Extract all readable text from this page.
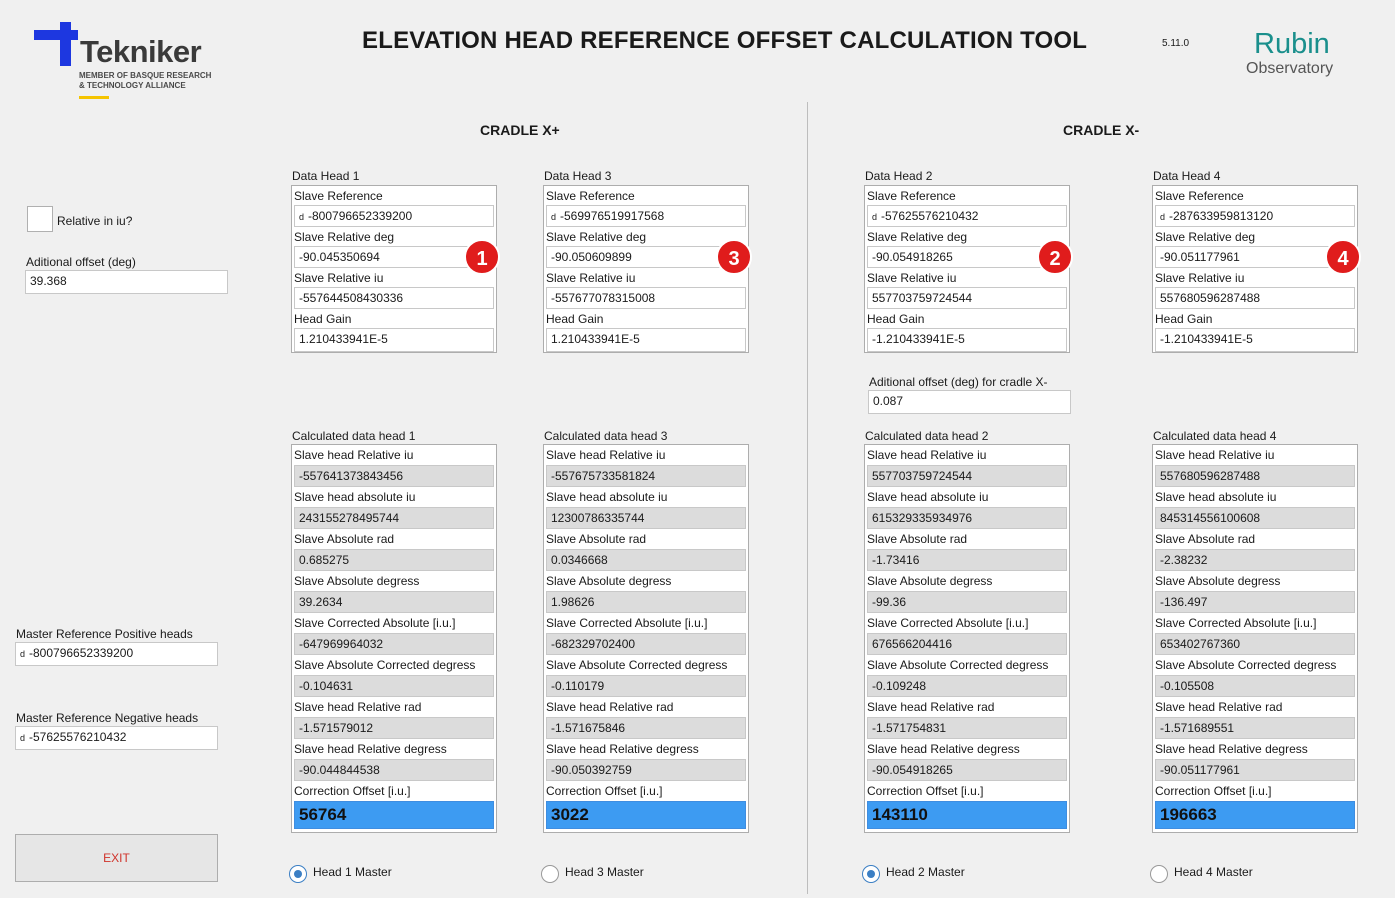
Tekniker
MEMBER OF BASQUE RESEARCH
& TECHNOLOGY ALLIANCE
ELEVATION HEAD REFERENCE OFFSET CALCULATION TOOL	5.11.0 Rubin
Observatory
Relative in iu?
Aditional offset (deg)
39.368
Master Reference Positive heads
d -800796652339200
Master Reference Negative heads
d -57625576210432
EXIT
CRADLE X+	CRADLE X-
Aditional offset (deg) for cradle X-
0.087
Data Head 1
Slave Reference
d -800796652339200
Slave Relative deg
-90.045350694
Slave Relative iu
-557644508430336
Head Gain
1.210433941E-5
1
Calculated data head 1
Slave head Relative iu
-557641373843456
Slave head absolute iu
243155278495744
Slave Absolute rad
0.685275
Slave Absolute degress
39.2634
Slave Corrected Absolute [i.u.]
-647969964032
Slave Absolute Corrected degress
-0.104631
Slave head Relative rad
-1.571579012
Slave head Relative degress
-90.044844538
Correction Offset [i.u.]
56764
Head 1 Master
Data Head 3
Slave Reference
d -569976519917568
Slave Relative deg
-90.050609899
Slave Relative iu
-557677078315008
Head Gain
1.210433941E-5
3
Calculated data head 3
Slave head Relative iu
-557675733581824
Slave head absolute iu
12300786335744
Slave Absolute rad
0.0346668
Slave Absolute degress
1.98626
Slave Corrected Absolute [i.u.]
-682329702400
Slave Absolute Corrected degress
-0.110179
Slave head Relative rad
-1.571675846
Slave head Relative degress
-90.050392759
Correction Offset [i.u.]
3022
Head 3 Master
Data Head 2
Slave Reference
d -57625576210432
Slave Relative deg
-90.054918265
Slave Relative iu
557703759724544
Head Gain
-1.210433941E-5
2
Calculated data head 2
Slave head Relative iu
557703759724544
Slave head absolute iu
615329335934976
Slave Absolute rad
-1.73416
Slave Absolute degress
-99.36
Slave Corrected Absolute [i.u.]
676566204416
Slave Absolute Corrected degress
-0.109248
Slave head Relative rad
-1.571754831
Slave head Relative degress
-90.054918265
Correction Offset [i.u.]
143110
Head 2 Master
Data Head 4
Slave Reference
d -287633959813120
Slave Relative deg
-90.051177961
Slave Relative iu
557680596287488
Head Gain
-1.210433941E-5
4
Calculated data head 4
Slave head Relative iu
557680596287488
Slave head absolute iu
845314556100608
Slave Absolute rad
-2.38232
Slave Absolute degress
-136.497
Slave Corrected Absolute [i.u.]
653402767360
Slave Absolute Corrected degress
-0.105508
Slave head Relative rad
-1.571689551
Slave head Relative degress
-90.051177961
Correction Offset [i.u.]
196663
Head 4 Master
